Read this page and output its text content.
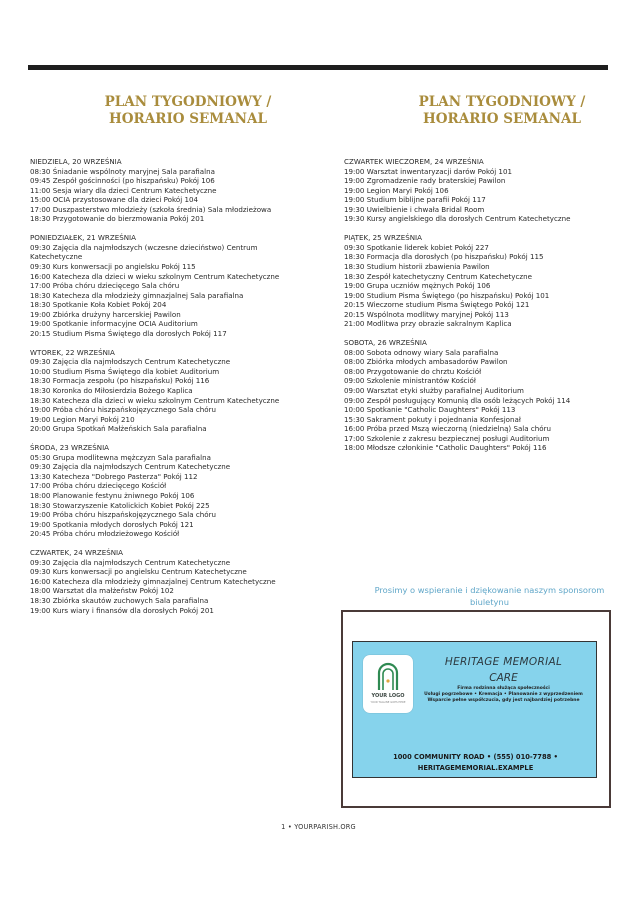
PLAN TYGODNIOWY / HORARIO SEMANAL
PLAN TYGODNIOWY / HORARIO SEMANAL
NIEDZIELA, 20 WRZEŚNIA
08:30 Śniadanie wspólnoty maryjnej Sala parafialna
09:45 Zespół gościnności (po hiszpańsku) Pokój 106
11:00 Sesja wiary dla dzieci Centrum Katechetyczne
15:00 OCIA przystosowane dla dzieci Pokój 104
17:00 Duszpasterstwo młodzieży (szkoła średnia) Sala młodzieżowa
18:30 Przygotowanie do bierzmowania Pokój 201
PONIEDZIAŁEK, 21 WRZEŚNIA
09:30 Zajęcia dla najmłodszych (wczesne dzieciństwo) Centrum Katechetyczne
09:30 Kurs konwersacji po angielsku Pokój 115
16:00 Katecheza dla dzieci w wieku szkolnym Centrum Katechetyczne
17:00 Próba chóru dziecięcego Sala chóru
18:30 Katecheza dla młodzieży gimnazjalnej Sala parafialna
18:30 Spotkanie Koła Kobiet Pokój 204
19:00 Zbiórka drużyny harcerskiej Pawilon
19:00 Spotkanie informacyjne OCIA Auditorium
20:15 Studium Pisma Świętego dla dorosłych Pokój 117
WTOREK, 22 WRZEŚNIA
09:30 Zajęcia dla najmłodszych Centrum Katechetyczne
10:00 Studium Pisma Świętego dla kobiet Auditorium
18:30 Formacja zespołu (po hiszpańsku) Pokój 116
18:30 Koronka do Miłosierdzia Bożego Kaplica
18:30 Katecheza dla dzieci w wieku szkolnym Centrum Katechetyczne
19:00 Próba chóru hiszpańskojęzycznego Sala chóru
19:00 Legion Maryi Pokój 210
20:00 Grupa Spotkań Małżeńskich Sala parafialna
ŚRODA, 23 WRZEŚNIA
05:30 Grupa modlitewna mężczyzn Sala parafialna
09:30 Zajęcia dla najmłodszych Centrum Katechetyczne
13:30 Katecheza "Dobrego Pasterza" Pokój 112
17:00 Próba chóru dziecięcego Kościół
18:00 Planowanie festynu żniwnego Pokój 106
18:30 Stowarzyszenie Katolickich Kobiet Pokój 225
19:00 Próba chóru hiszpańskojęzycznego Sala chóru
19:00 Spotkania młodych dorosłych Pokój 121
20:45 Próba chóru młodzieżowego Kościół
CZWARTEK, 24 WRZEŚNIA
09:30 Zajęcia dla najmłodszych Centrum Katechetyczne
09:30 Kurs konwersacji po angielsku Centrum Katechetyczne
16:00 Katecheza dla młodzieży gimnazjalnej Centrum Katechetyczne
18:00 Warsztat dla małżeństw Pokój 102
18:30 Zbiórka skautów zuchowych Sala parafialna
19:00 Kurs wiary i finansów dla dorosłych Pokój 201
CZWARTEK WIECZOREM, 24 WRZEŚNIA
19:00 Warsztat inwentaryzacji darów Pokój 101
19:00 Zgromadzenie rady braterskiej Pawilon
19:00 Legion Maryi Pokój 106
19:00 Studium biblijne parafii Pokój 117
19:30 Uwielbienie i chwała Bridal Room
19:30 Kursy angielskiego dla dorosłych Centrum Katechetyczne
PIĄTEK, 25 WRZEŚNIA
09:30 Spotkanie liderek kobiet Pokój 227
18:30 Formacja dla dorosłych (po hiszpańsku) Pokój 115
18:30 Studium historii zbawienia Pawilon
18:30 Zespół katechetyczny Centrum Katechetyczne
19:00 Grupa uczniów mężnych Pokój 106
19:00 Studium Pisma Świętego (po hiszpańsku) Pokój 101
20:15 Wieczorne studium Pisma Świętego Pokój 121
20:15 Wspólnota modlitwy maryjnej Pokój 113
21:00 Modlitwa przy obrazie sakralnym Kaplica
SOBOTA, 26 WRZEŚNIA
08:00 Sobota odnowy wiary Sala parafialna
08:00 Zbiórka młodych ambasadorów Pawilon
08:00 Przygotowanie do chrztu Kościół
09:00 Szkolenie ministrantów Kościół
09:00 Warsztat etyki służby parafialnej Auditorium
09:00 Zespół posługujący Komunią dla osób leżących Pokój 114
10:00 Spotkanie "Catholic Daughters" Pokój 113
15:30 Sakrament pokuty i pojednania Konfesjonał
16:00 Próba przed Mszą wieczorną (niedzielną) Sala chóru
17:00 Szkolenie z zakresu bezpiecznej posługi Auditorium
18:00 Młodsze członkinie "Catholic Daughters" Pokój 116
Prosimy o wspieranie i dziękowanie naszym sponsorom biuletynu
YOUR LOGO
YOUR TAGLINE GOES HERE
HERITAGE MEMORIAL
CARE
Firma rodzinna służąca społeczności
Usługi pogrzebowe • Kremacja • Planowanie z wyprzedzeniem
Wsparcie pełne współczucia, gdy jest najbardziej potrzebne
1000 COMMUNITY ROAD • (555) 010-7788 •
HERITAGEMEMORIAL.EXAMPLE
1 • YOURPARISH.ORG
